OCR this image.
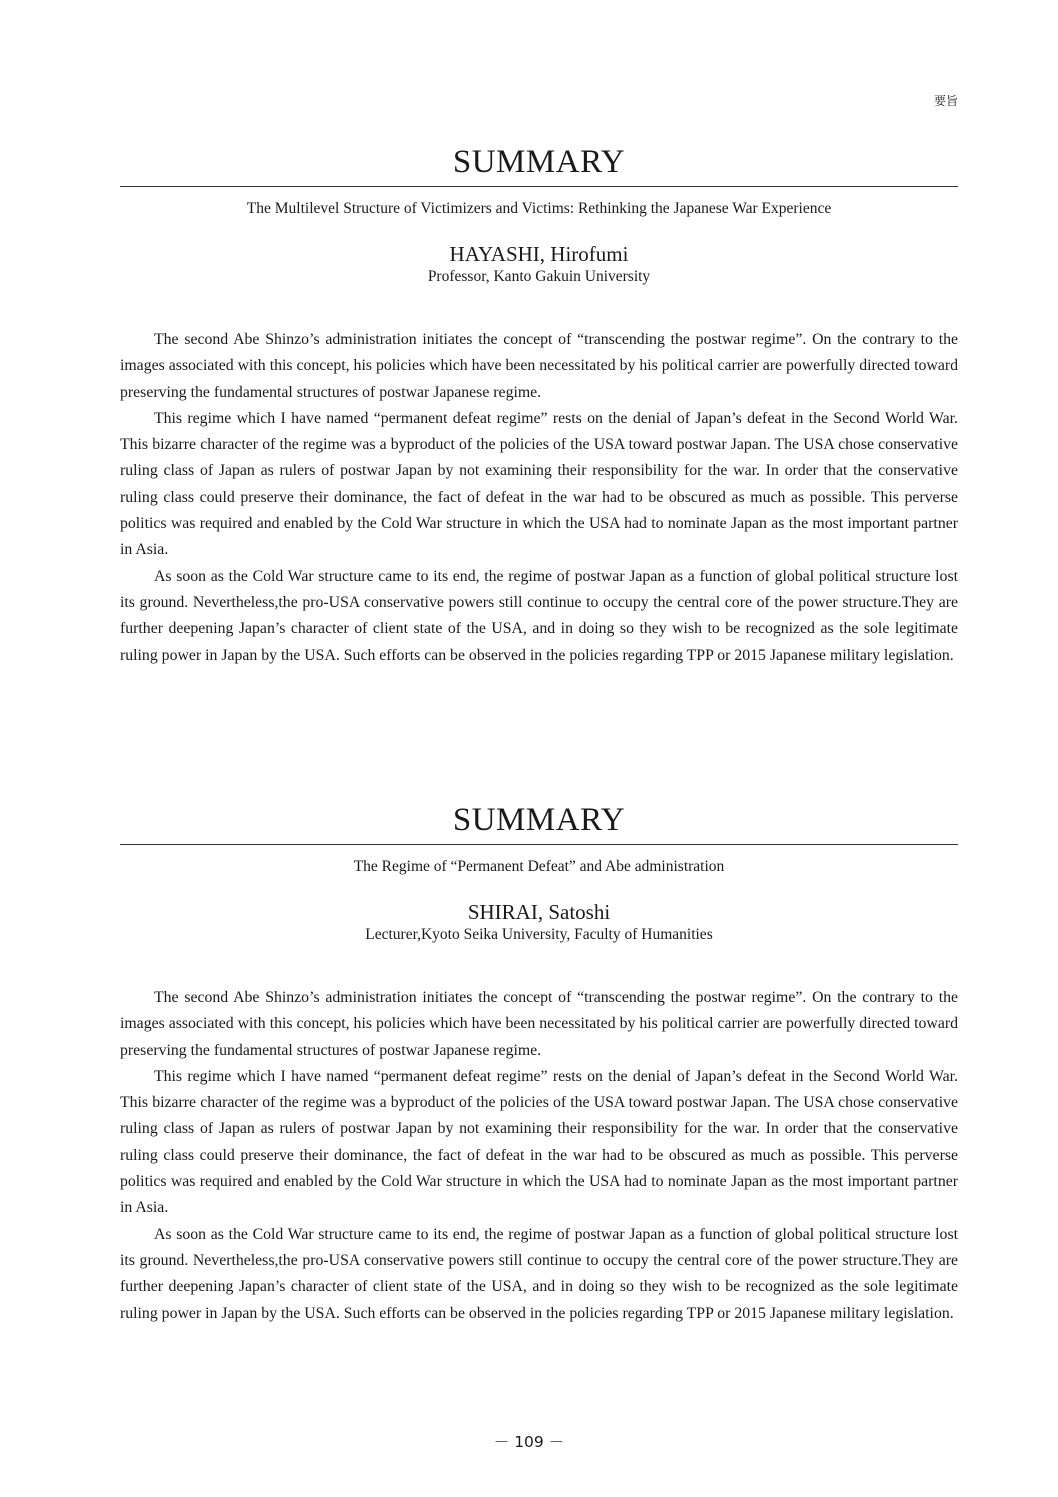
要旨
SUMMARY
The Multilevel Structure of Victimizers and Victims: Rethinking the Japanese War Experience
HAYASHI, Hirofumi
Professor, Kanto Gakuin University

The second Abe Shinzo’s administration initiates the concept of “transcending the postwar regime”. On the contrary to the images associated with this concept, his policies which have been necessitated by his political carrier are powerfully directed toward preserving the fundamental structures of postwar Japanese regime.

This regime which I have named “permanent defeat regime” rests on the denial of Japan’s defeat in the Second World War. This bizarre character of the regime was a byproduct of the policies of the USA toward postwar Japan. The USA chose conservative ruling class of Japan as rulers of postwar Japan by not examining their responsibility for the war. In order that the conservative ruling class could preserve their dominance, the fact of defeat in the war had to be obscured as much as possible. This perverse politics was required and enabled by the Cold War structure in which the USA had to nominate Japan as the most important partner in Asia.

As soon as the Cold War structure came to its end, the regime of postwar Japan as a function of global political structure lost its ground. Nevertheless,the pro-USA conservative powers still continue to occupy the central core of the power structure.They are further deepening Japan’s character of client state of the USA, and in doing so they wish to be recognized as the sole legitimate ruling power in Japan by the USA. Such efforts can be observed in the policies regarding TPP or 2015 Japanese military legislation.

SUMMARY
The Regime of “Permanent Defeat” and Abe administration
SHIRAI, Satoshi
Lecturer,Kyoto Seika University, Faculty of Humanities

The second Abe Shinzo’s administration initiates the concept of “transcending the postwar regime”. On the contrary to the images associated with this concept, his policies which have been necessitated by his political carrier are powerfully directed toward preserving the fundamental structures of postwar Japanese regime.

This regime which I have named “permanent defeat regime” rests on the denial of Japan’s defeat in the Second World War. This bizarre character of the regime was a byproduct of the policies of the USA toward postwar Japan. The USA chose conservative ruling class of Japan as rulers of postwar Japan by not examining their responsibility for the war. In order that the conservative ruling class could preserve their dominance, the fact of defeat in the war had to be obscured as much as possible. This perverse politics was required and enabled by the Cold War structure in which the USA had to nominate Japan as the most important partner in Asia.

As soon as the Cold War structure came to its end, the regime of postwar Japan as a function of global political structure lost its ground. Nevertheless,the pro-USA conservative powers still continue to occupy the central core of the power structure.They are further deepening Japan’s character of client state of the USA, and in doing so they wish to be recognized as the sole legitimate ruling power in Japan by the USA. Such efforts can be observed in the policies regarding TPP or 2015 Japanese military legislation.

－ 109 －
